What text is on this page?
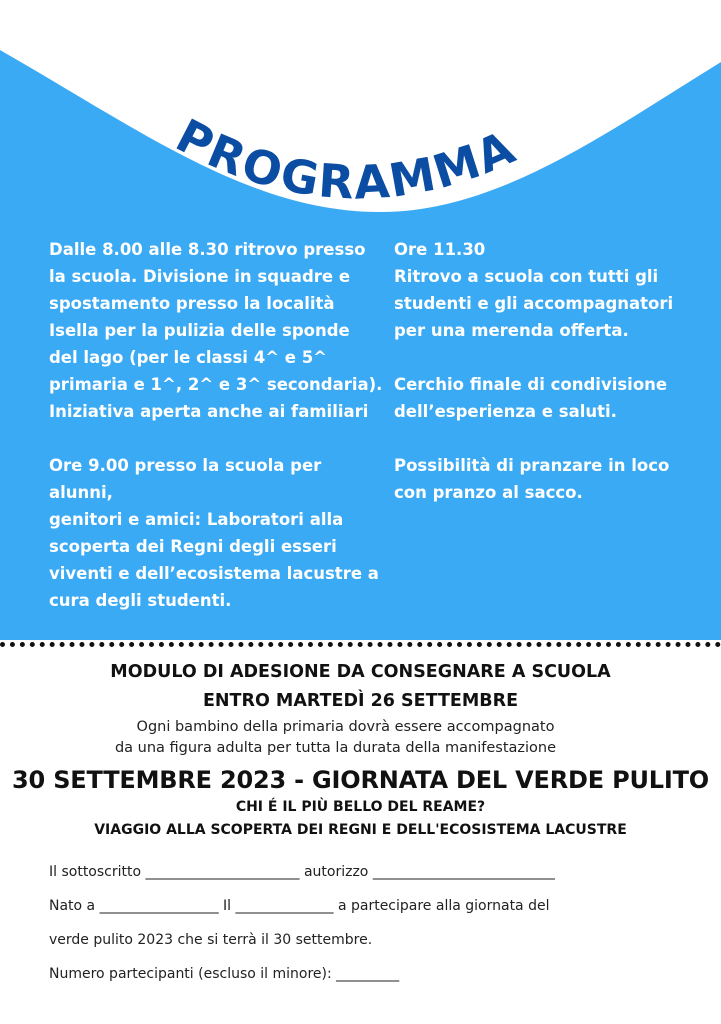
PROGRAMMA

Dalle 8.00 alle 8.30 ritrovo presso
la scuola. Divisione in squadre e
spostamento presso la località
Isella per la pulizia delle sponde
del lago (per le classi 4^ e 5^
primaria e 1^, 2^ e 3^ secondaria).
Iniziativa aperta anche ai familiari

Ore 9.00 presso la scuola per alunni,
genitori e amici: Laboratori alla
scoperta dei Regni degli esseri
viventi e dell’ecosistema lacustre a
cura degli studenti.

Ore 11.30
Ritrovo a scuola con tutti gli
studenti e gli accompagnatori
per una merenda offerta.

Cerchio finale di condivisione
dell’esperienza e saluti.

Possibilità di pranzare in loco
con pranzo al sacco.

MODULO DI ADESIONE DA CONSEGNARE A SCUOLA
ENTRO MARTEDÌ 26 SETTEMBRE
Ogni bambino della primaria dovrà essere accompagnato
da una figura adulta per tutta la durata della manifestazione
30 SETTEMBRE 2023 - GIORNATA DEL VERDE PULITO
CHI É IL PIÙ BELLO DEL REAME?
VIAGGIO ALLA SCOPERTA DEI REGNI E DELL'ECOSISTEMA LACUSTRE
Il sottoscritto ______________________ autorizzo __________________________
Nato a _________________ Il ______________ a partecipare alla giornata del
verde pulito 2023 che si terrà il 30 settembre.
Numero partecipanti (escluso il minore): _________
